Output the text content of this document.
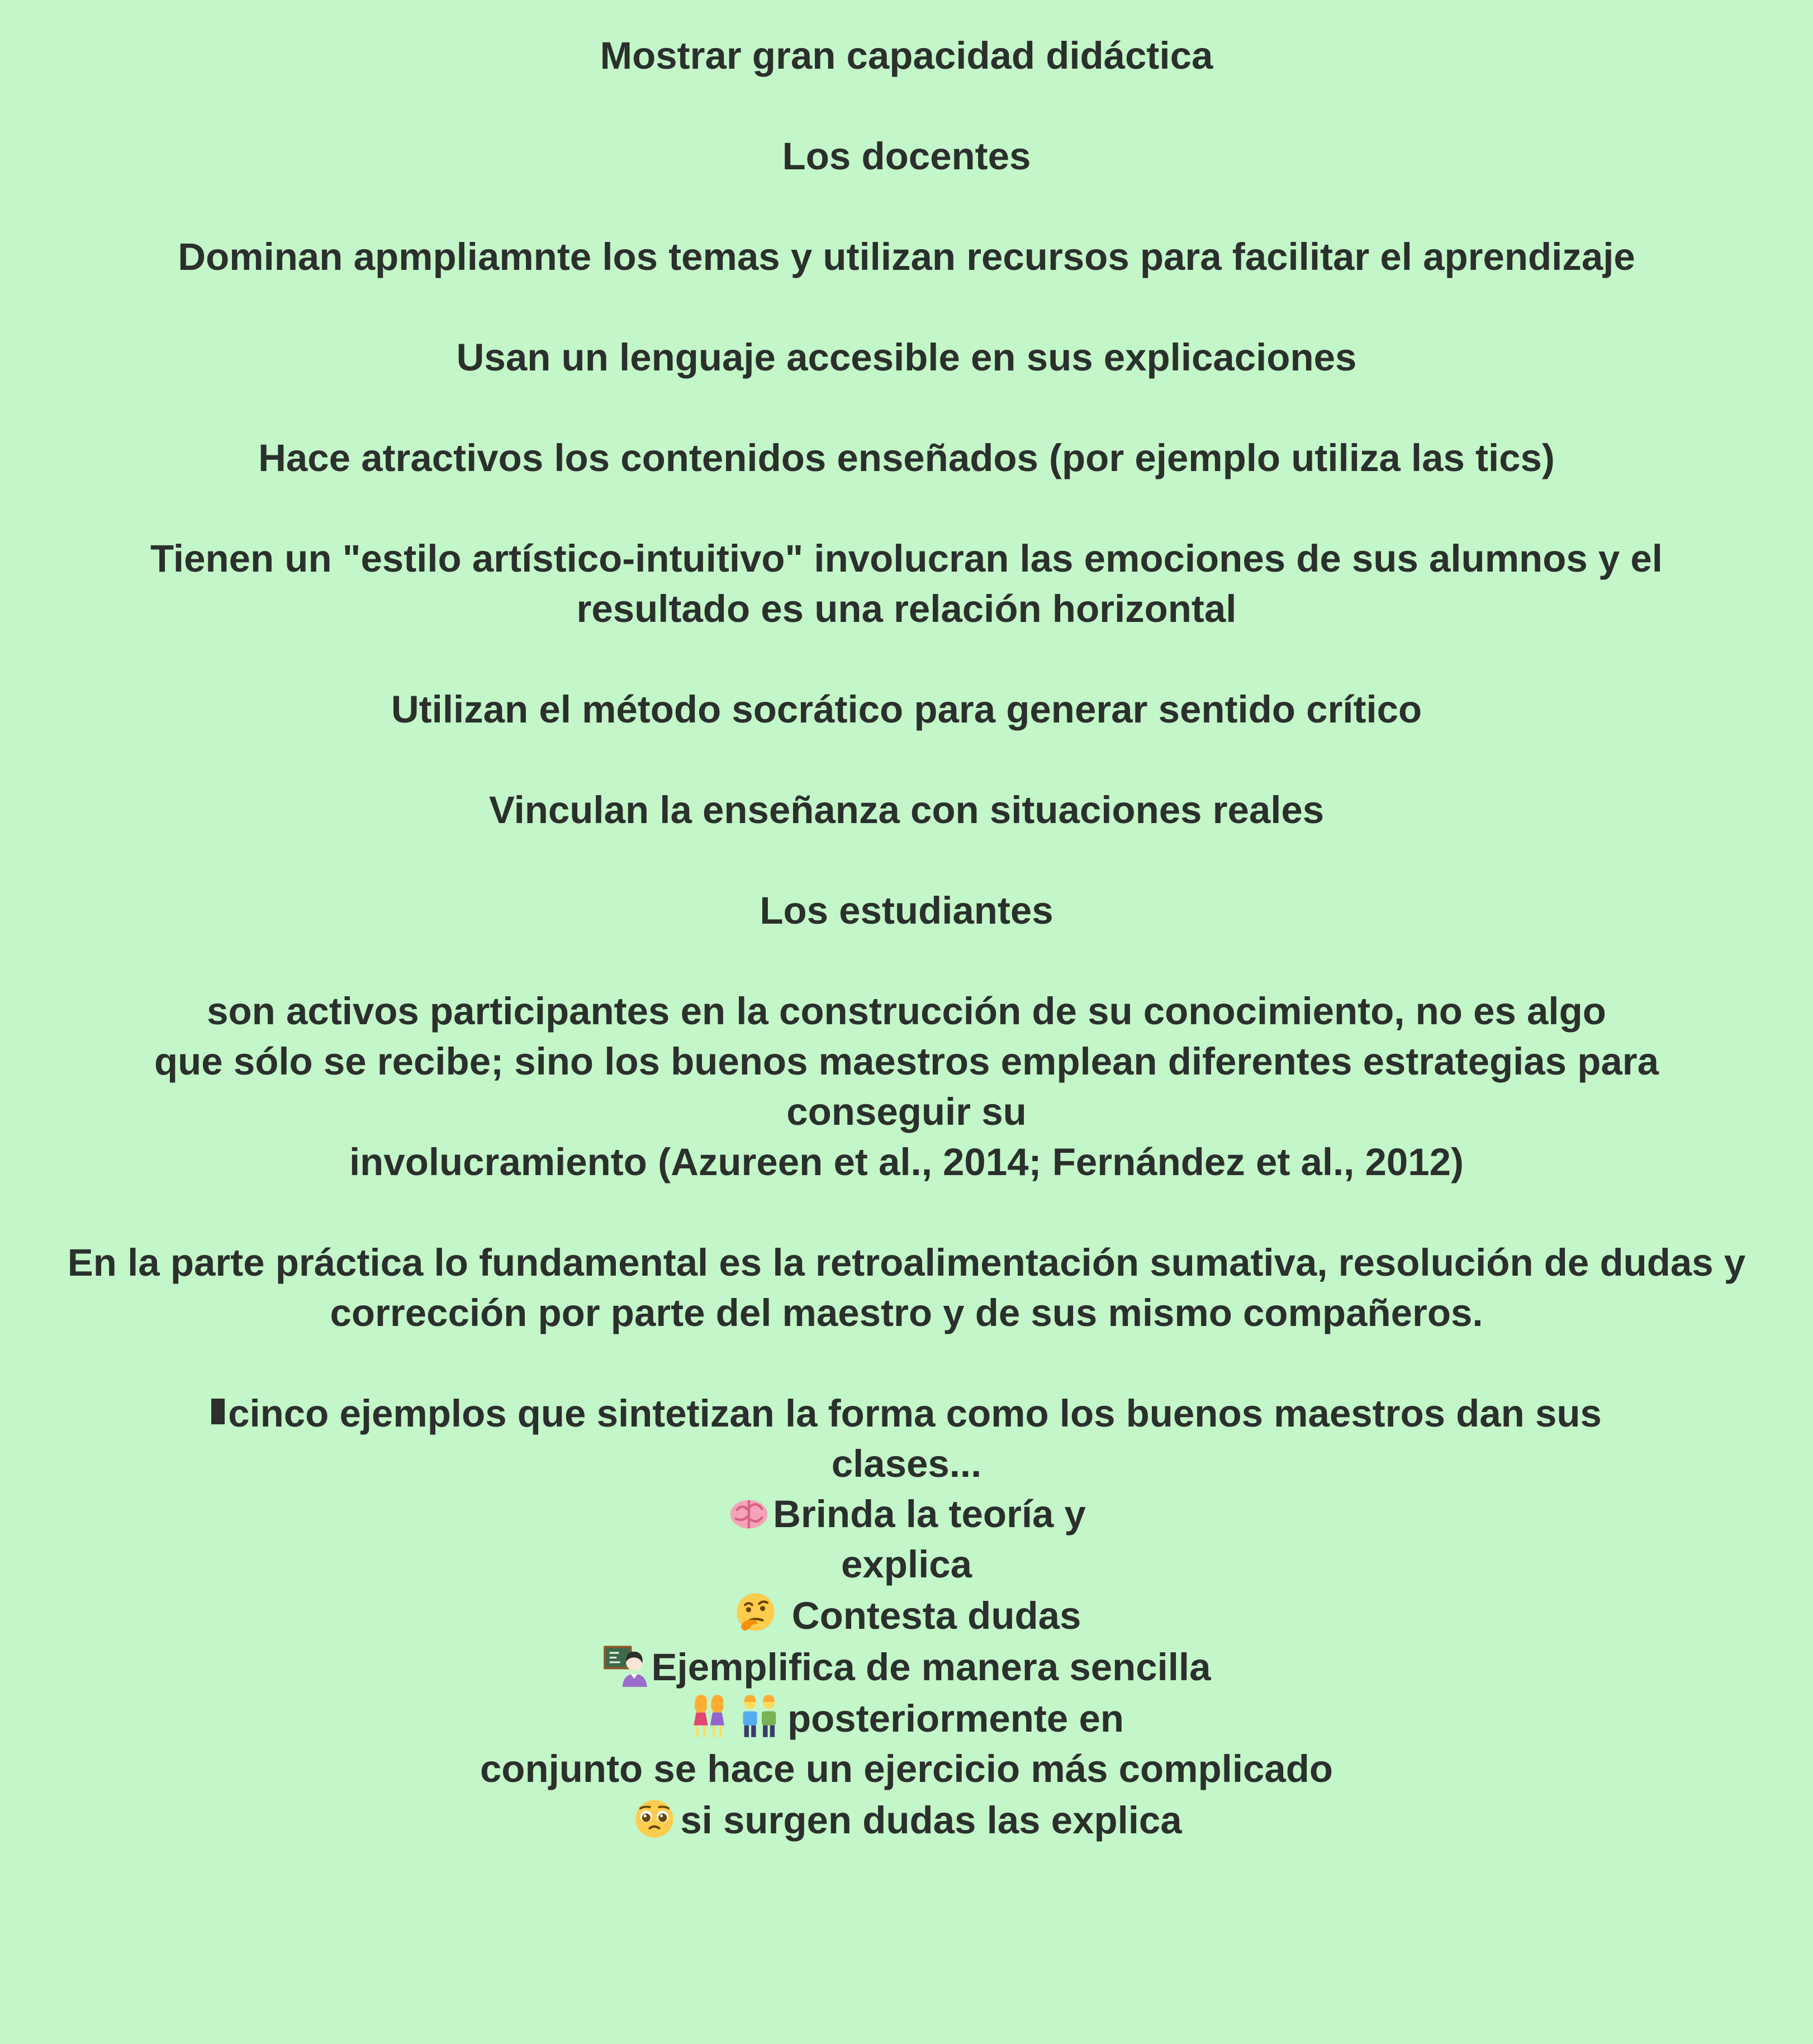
Mostrar gran capacidad didáctica
Los docentes
Dominan apmpliamnte los temas y utilizan recursos para facilitar el aprendizaje
Usan un lenguaje accesible en sus explicaciones
Hace atractivos los contenidos enseñados (por ejemplo utiliza las tics)
Tienen un "estilo artístico-intuitivo" involucran las emociones de sus alumnos y el resultado es una relación horizontal
Utilizan el método socrático para generar sentido crítico
Vinculan la enseñanza con situaciones reales
Los estudiantes
son activos participantes en la construcción de su conocimiento, no es algo
que sólo se recibe; sino los buenos maestros emplean diferentes estrategias para
conseguir su
involucramiento (Azureen et al., 2014; Fernández et al., 2012)
En la parte práctica lo fundamental es la retroalimentación sumativa, resolución de dudas y corrección por parte del maestro y de sus mismo compañeros.
cinco ejemplos que sintetizan la forma como los buenos maestros dan sus clases...
Brinda la teoría y
explica
Contesta dudas
Ejemplifica de manera sencilla
posteriormente en
conjunto se hace un ejercicio más complicado
si surgen dudas las explica
